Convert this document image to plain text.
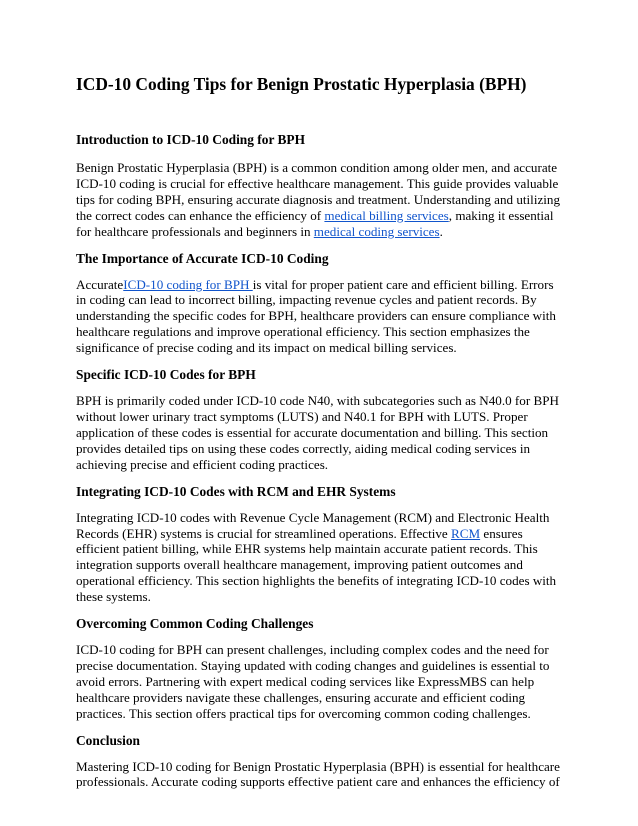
ICD-10 Coding Tips for Benign Prostatic Hyperplasia (BPH)
Introduction to ICD-10 Coding for BPH

Benign Prostatic Hyperplasia (BPH) is a common condition among older men, and accurate ICD-10 coding is crucial for effective healthcare management. This guide provides valuable tips for coding BPH, ensuring accurate diagnosis and treatment. Understanding and utilizing the correct codes can enhance the efficiency of medical billing services, making it essential for healthcare professionals and beginners in medical coding services.

The Importance of Accurate ICD-10 Coding

AccurateICD-10 coding for BPH is vital for proper patient care and efficient billing. Errors in coding can lead to incorrect billing, impacting revenue cycles and patient records. By understanding the specific codes for BPH, healthcare providers can ensure compliance with healthcare regulations and improve operational efficiency. This section emphasizes the significance of precise coding and its impact on medical billing services.

Specific ICD-10 Codes for BPH

BPH is primarily coded under ICD-10 code N40, with subcategories such as N40.0 for BPH without lower urinary tract symptoms (LUTS) and N40.1 for BPH with LUTS. Proper application of these codes is essential for accurate documentation and billing. This section provides detailed tips on using these codes correctly, aiding medical coding services in achieving precise and efficient coding practices.

Integrating ICD-10 Codes with RCM and EHR Systems

Integrating ICD-10 codes with Revenue Cycle Management (RCM) and Electronic Health Records (EHR) systems is crucial for streamlined operations. Effective RCM ensures efficient patient billing, while EHR systems help maintain accurate patient records. This integration supports overall healthcare management, improving patient outcomes and operational efficiency. This section highlights the benefits of integrating ICD-10 codes with these systems.

Overcoming Common Coding Challenges

ICD-10 coding for BPH can present challenges, including complex codes and the need for precise documentation. Staying updated with coding changes and guidelines is essential to avoid errors. Partnering with expert medical coding services like ExpressMBS can help healthcare providers navigate these challenges, ensuring accurate and efficient coding practices. This section offers practical tips for overcoming common coding challenges.

Conclusion

Mastering ICD-10 coding for Benign Prostatic Hyperplasia (BPH) is essential for healthcare professionals. Accurate coding supports effective patient care and enhances the efficiency of
